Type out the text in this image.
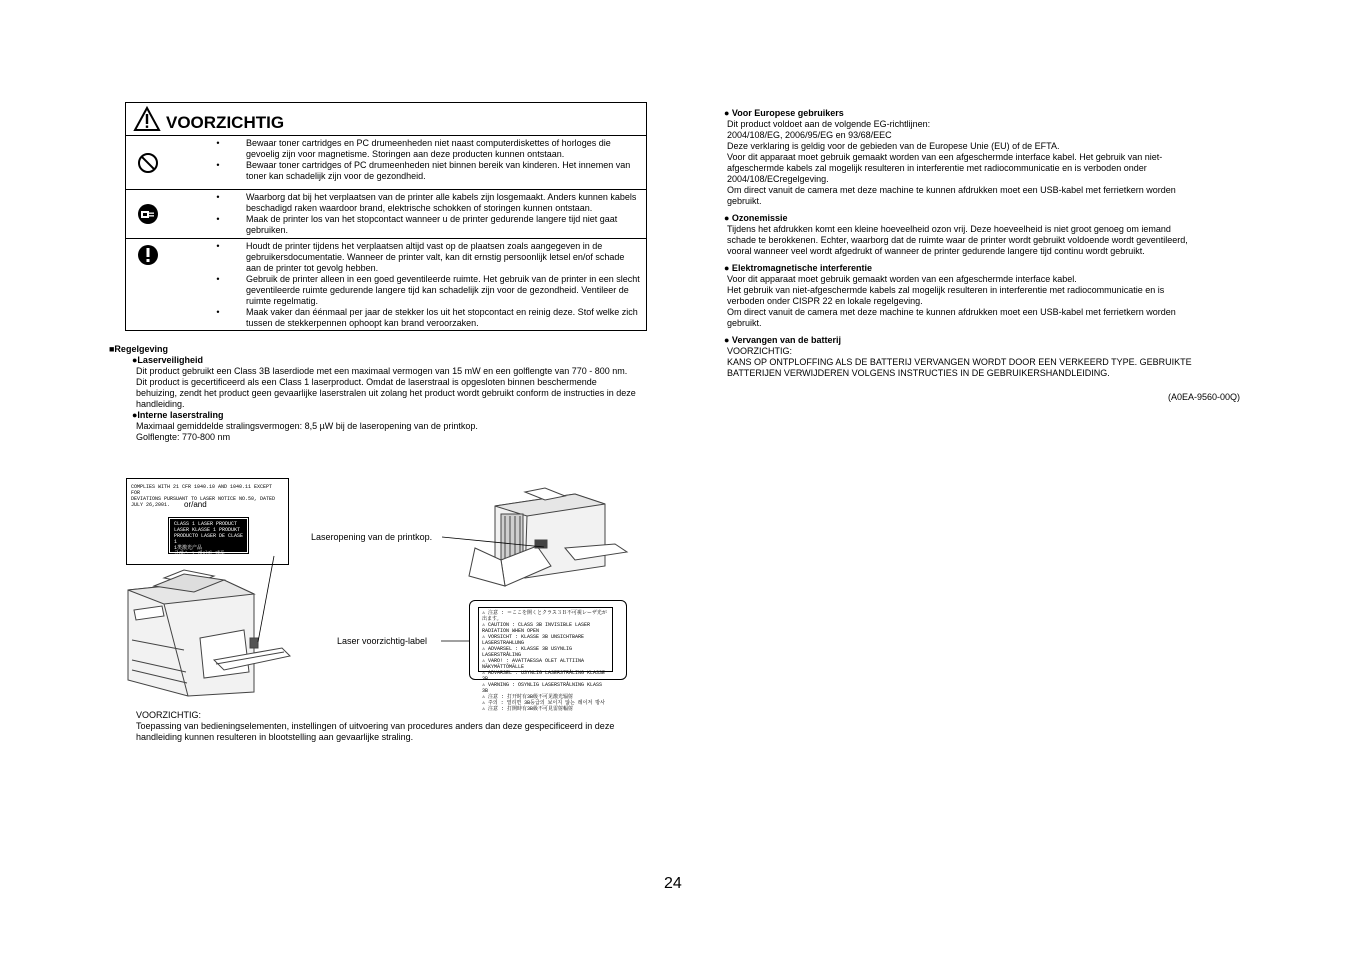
VOORZICHTIG
•	Bewaar toner cartridges en PC drumeenheden niet naast computerdiskettes of horloges die gevoelig zijn voor magnetisme. Storingen aan deze producten kunnen ontstaan.
•	Bewaar toner cartridges of PC drumeenheden niet binnen bereik van kinderen. Het innemen van toner kan schadelijk zijn voor de gezondheid.
•	Waarborg dat bij het verplaatsen van de printer alle kabels zijn losgemaakt. Anders kunnen kabels beschadigd raken waardoor brand, elektrische schokken of storingen kunnen ontstaan.
•	Maak de printer los van het stopcontact wanneer u de printer gedurende langere tijd niet gaat gebruiken.
•	Houdt de printer tijdens het verplaatsen altijd vast op de plaatsen zoals aangegeven in de gebruikersdocumentatie. Wanneer de printer valt, kan dit ernstig persoonlijk letsel en/of schade aan de printer tot gevolg hebben.
•	Gebruik de printer alleen in een goed geventileerde ruimte. Het gebruik van de printer in een slecht geventileerde ruimte gedurende langere tijd kan schadelijk zijn voor de gezondheid. Ventileer de ruimte regelmatig.
•	Maak vaker dan éénmaal per jaar de stekker los uit het stopcontact en reinig deze. Stof welke zich tussen de stekkerpennen ophoopt kan brand veroorzaken.

■Regelgeving

●Laserveiligheid

Dit product gebruikt een Class 3B laserdiode met een maximaal vermogen van 15 mW en een golflengte van 770 - 800 nm.

Dit product is gecertificeerd als een Class 1 laserproduct. Omdat de laserstraal is opgesloten binnen beschermende

behuizing, zendt het product geen gevaarlijke laserstralen uit zolang het product wordt gebruikt conform de instructies in deze

handleiding.

●Interne laserstraling

Maximaal gemiddelde stralingsvermogen: 8,5 µW bij de laseropening van de printkop.

Golflengte: 770-800 nm

COMPLIES WITH 21 CFR 1040.10 AND 1040.11 EXCEPT FOR
DEVIATIONS PURSUANT TO LASER NOTICE NO.50, DATED JULY 26,2001.	or/and
CLASS 1 LASER PRODUCT
LASER KLASSE 1 PRODUKT
PRODUCTO LASER DE CLASE 1
1类激光产品
클래스 1 레이저 제품
Laseropening van de printkop.
Laser voorzichtig-label
⚠ 注意 : ＝ここを開くとクラス３Ｂ不可視レーザ光が出ます。
⚠ CAUTION : CLASS 3B INVISIBLE LASER RADIATION WHEN OPEN
⚠ VORSICHT : KLASSE 3B UNSICHTBARE LASERSTRAHLUNG
⚠ ADVARSEL : KLASSE 3B USYNLIG LASERSTRÅLING
⚠ VARO! : AVATTAESSA OLET ALTTIINA NÄKYMÄTTÖMÄLLE
⚠ ADVARSEL : USYNLIG LASERSTRÅLING KLASSE 3B
⚠ VARNING : OSYNLIG LASERSTRÅLNING KLASS 3B
⚠ 注意 : 打开时有3B级不可见激光辐射
⚠ 주의 : 열리면 3B등급의 보이지 않는 레이저 방사
⚠ 注意 : 打開時有3B級不可見雷射輻射

VOORZICHTIG:

Toepassing van bedieningselementen, instellingen of uitvoering van procedures anders dan deze gespecificeerd in deze

handleiding kunnen resulteren in blootstelling aan gevaarlijke straling.

● Voor Europese gebruikers

Dit product voldoet aan de volgende EG-richtlijnen:

2004/108/EG, 2006/95/EG en 93/68/EEC

Deze verklaring is geldig voor de gebieden van de Europese Unie (EU) of de EFTA.

Voor dit apparaat moet gebruik gemaakt worden van een afgeschermde interface kabel. Het gebruik van niet-

afgeschermde kabels zal mogelijk resulteren in interferentie met radiocommunicatie en is verboden onder

2004/108/ECregelgeving.

Om direct vanuit de camera met deze machine te kunnen afdrukken moet een USB-kabel met ferrietkern worden

gebruikt.

● Ozonemissie

Tijdens het afdrukken komt een kleine hoeveelheid ozon vrij. Deze hoeveelheid is niet groot genoeg om iemand

schade te berokkenen. Echter, waarborg dat de ruimte waar de printer wordt gebruikt voldoende wordt geventileerd,

vooral wanneer veel wordt afgedrukt of wanneer de printer gedurende langere tijd continu wordt gebruikt.

● Elektromagnetische interferentie

Voor dit apparaat moet gebruik gemaakt worden van een afgeschermde interface kabel.

Het gebruik van niet-afgeschermde kabels zal mogelijk resulteren in interferentie met radiocommunicatie en is

verboden onder CISPR 22 en lokale regelgeving.

Om direct vanuit de camera met deze machine te kunnen afdrukken moet een USB-kabel met ferrietkern worden

gebruikt.

● Vervangen van de batterij

VOORZICHTIG:

KANS OP ONTPLOFFING ALS DE BATTERIJ VERVANGEN WORDT DOOR EEN VERKEERD TYPE. GEBRUIKTE

BATTERIJEN VERWIJDEREN VOLGENS INSTRUCTIES IN DE GEBRUIKERSHANDLEIDING.

(A0EA-9560-00Q)

24
